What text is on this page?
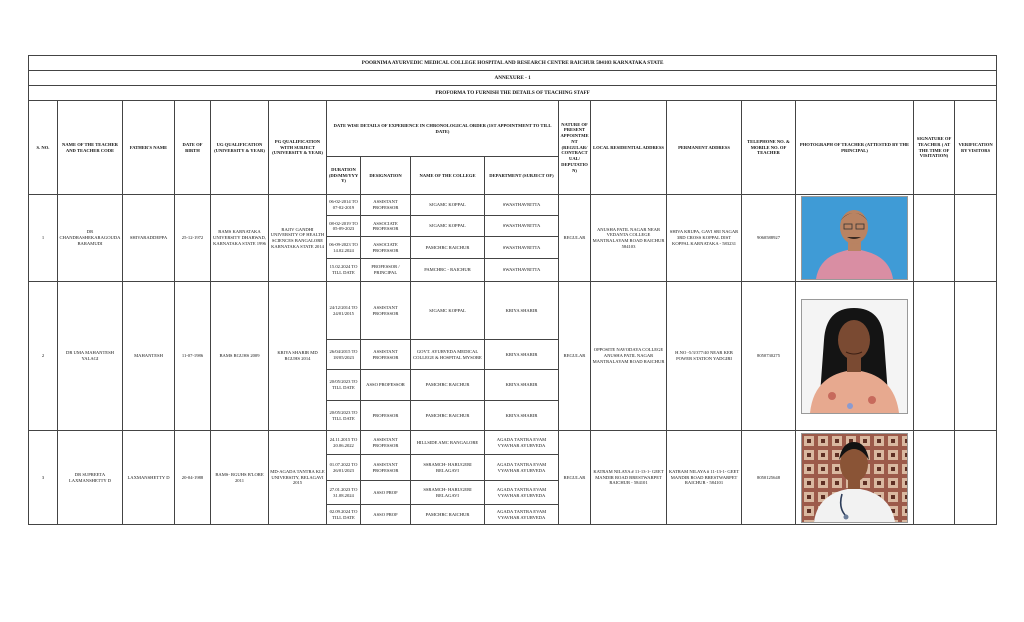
POORNIMA AYURVEDIC MEDICAL COLLEGE HOSPITAL AND RESEARCH CENTRE RAICHUR 584103 KARNATAKA STATE																
ANNEXURE - 1																
PROFORMA TO FURNISH THE DETAILS OF TEACHING STAFF																
S. NO.	NAME OF THE TEACHER AND TEACHER CODE	FATHER'S NAME	DATE OF BIRTH	UG QUALIFICATION (UNIVERSITY & YEAR)	PG QUALIFICATION WITH SUBJECT (UNIVERSITY & YEAR)	DATE WISE DETAILS OF EXPERIENCE IN CHRONOLOGICAL ORDER (1ST APPOINTMENT TO TILL DATE)				NATURE OF PRESENT APPOINTMENT (REGULAR/ CONTRACTUAL/ DEPUTATION)	LOCAL RESIDENTIAL ADDRESS	PERMANENT ADDRESS	TELEPHONE NO. & MOBILE NO. OF TEACHER	PHOTOGRAPH OF TEACHER (ATTESTED BY THE PRINCIPAL)	SIGNATURE OF TEACHER ( AT THE TIME OF VISITATION)	VERIFICATION BY VISITORS
						DURATION (DD/MM/YYYY)	DESIGNATION	NAME OF THE COLLEGE	DEPARTMENT (SUBJECT OF)							
1	DR CHANDRASHEKARAGOUDA BARAMUDI	SHIVARADDEPPA	25-12-1972	BAMS KARNATAKA UNIVERSITY DHARWAD, KARNATAKA STATE 1996	RAJIV GANDHI UNIVERSITY OF HEALTH SCIENCES BANGALORE KARNATAKA STATE 2014	06-02-2014 TO 07-02-2019	ASSISTANT PROFESSOR	SJGAMC KOPPAL	SWASTHAVRITTA	REGULAR	ANUSHA PATIL NAGAR NEAR VEDANTA COLLEGE MANTRALAYAM ROAD RAICHUR 584103	SHIVA KRUPA, GAVI SRI NAGAR 3RD CROSS KOPPAL DIST KOPPAL KARNATAKA - 583231	9060588927	

						08-02-2019 TO 05-09-2023	ASSOCIATE PROFESSOR	SJGAMC KOPPAL	SWASTHAVRITTA							
						06-09-2023 TO 14.02.2024	ASSOCIATE PROFESSOR	PAMCHRC RAICHUR	SWASTHAVRITTA							
						15.02.2024 TO TILL DATE	PROFESSOR / PRINCIPAL	PAMCHRC - RAICHUR	SWASTHAVRITTA							
2	DR UMA MAHANTESH YALAGI	MAHANTESH	11-07-1986	BAMS RGUHS 2009	KRIYA SHARIR MD RGUHS 2014	24/12/2014 TO 24/01/2015	ASSISTANT PROFESSOR	SJGAMC KOPPAL	KRIYA SHARIR	REGULAR	OPPOSITE NAVODAYA COLLEGE ANUSHA PATIL NAGAR MANTRALAYAM ROAD RAICHUR	H.NO -5/3/377/40 NEAR KEB POWER STATION YADGIRI	8050730275	

						26/04/2015 TO 18/05/2023	ASSISTANT PROFESSOR	GOVT. AYURVEDA MEDICAL COLLEGE & HOSPITAL MYSORE	KRIYA SHARIR							
						20/05/2023 TO TILL DATE	ASSO PROFESSOR	PAMCHRC RAICHUR	KRIYA SHARIR							
						20/05/2023 TO TILL DATE	PROFESSOR	PAMCHRC RAICHUR	KRIYA SHARIR							
3	DR SUPREETA LAXMANSHETTY D	LAXMANSHETTY D	20-04-1988	BAMS- RGUHS B'LORE 2011	MD-AGADA TANTRA KLE UNIVERSITY, BELAGAVI 2015	24.11.2015 TO 20.06.2022	ASSISTANT PROFESSOR	HILLSIDE AMC BANGALORE	AGADA TANTRA EVAM VYAVHAR AYURVEDA	REGULAR	KATRAM NILAYA # 11-13-1- GEET MANDIR ROAD BRESTWARPET RAICHUR - 584101	KATRAM NILAYA # 11-13-1- GEET MANDIR ROAD BRESTWARPET RAICHUR - 584101	8050125648	

						01.07.2022 TO 26/01/2023	ASSISTANT PROFESSOR	SSRAMCH- HARUGERI BELAGAVI	AGADA TANTRA EVAM VYAVHAR AYURVEDA							
						27.01.2023 TO 31.08.2024	ASSO PROF	SSRAMCH- HARUGERI BELAGAVI	AGADA TANTRA EVAM VYAVHAR AYURVEDA							
						02.09.2024 TO TILL DATE	ASSO PROF	PAMCHRC RAICHUR	AGADA TANTRA EVAM VYAVHAR AYURVEDA							
